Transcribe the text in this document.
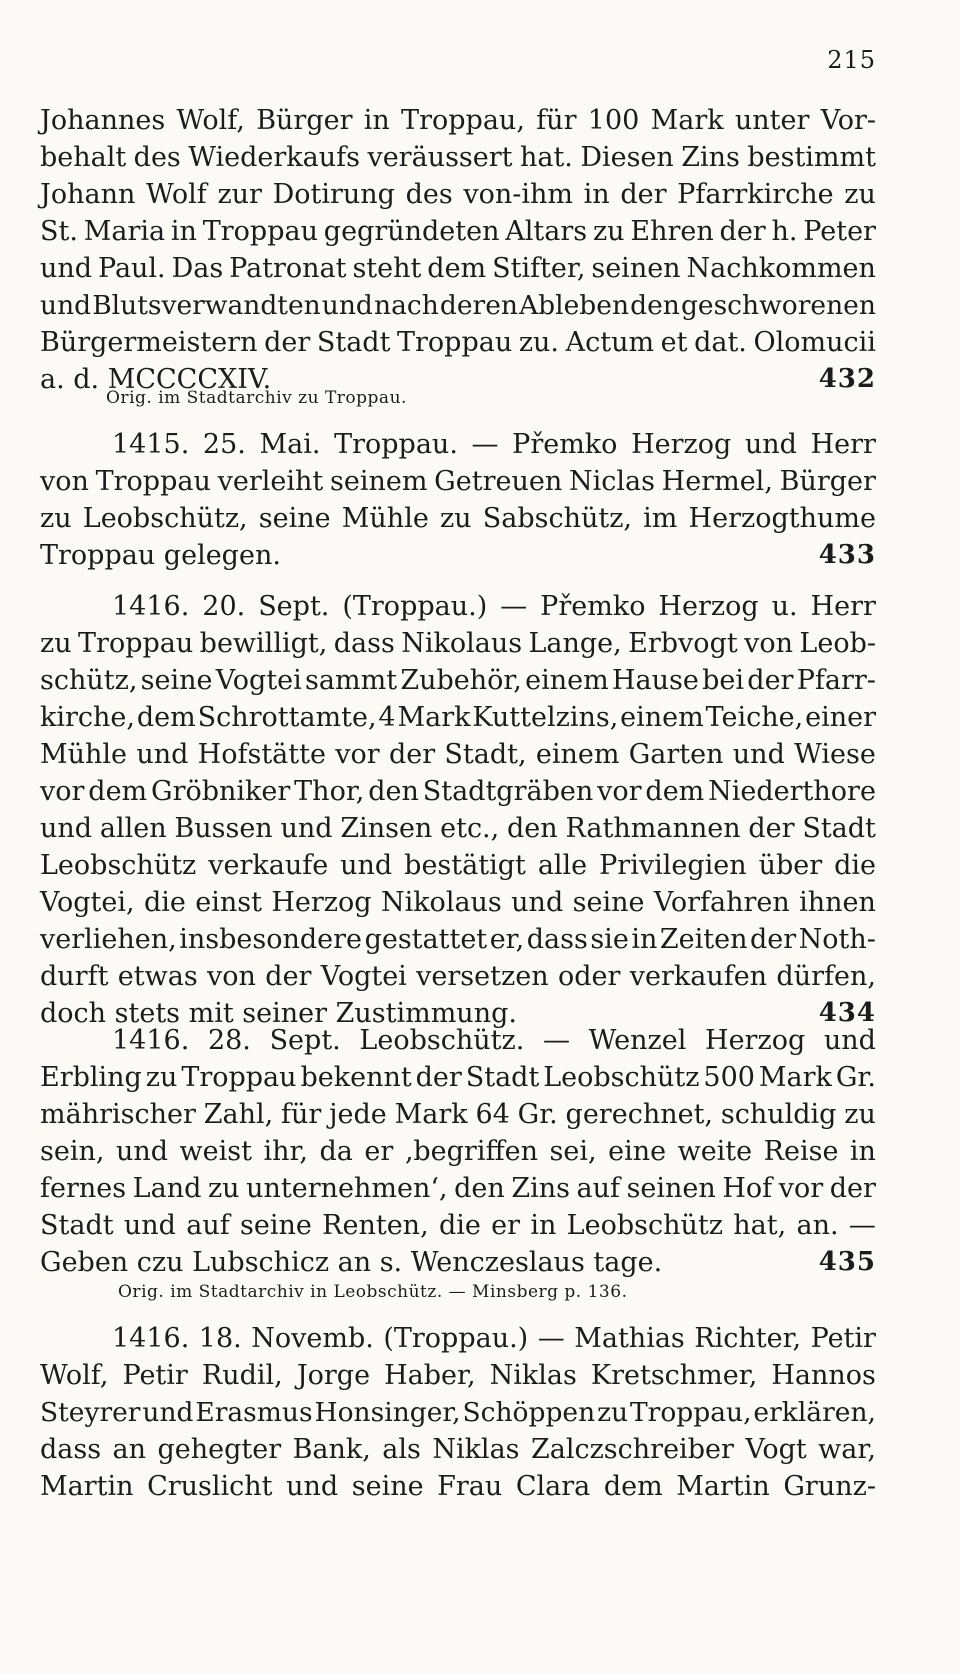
215
Johannes Wolf, Bürger in Troppau, für 100 Mark unter Vor-
behalt des Wiederkaufs veräussert hat. Diesen Zins bestimmt
Johann Wolf zur Dotirung des von-ihm in der Pfarrkirche zu
St. Maria in Troppau gegründeten Altars zu Ehren der h. Peter
und Paul. Das Patronat steht dem Stifter, seinen Nachkommen
und Blutsverwandten und nach deren Ableben den geschworenen
Bürgermeistern der Stadt Troppau zu. Actum et dat. Olomucii
a. d. MCCCCXIV.	432
Orig. im Stadtarchiv zu Troppau.
1415. 25. Mai. Troppau. — Přemko Herzog und Herr
von Troppau verleiht seinem Getreuen Niclas Hermel, Bürger
zu Leobschütz, seine Mühle zu Sabschütz, im Herzogthume
Troppau gelegen.	433
1416. 20. Sept. (Troppau.) — Přemko Herzog u. Herr
zu Troppau bewilligt, dass Nikolaus Lange, Erbvogt von Leob-
schütz, seine Vogtei sammt Zubehör, einem Hause bei der Pfarr-
kirche, dem Schrottamte, 4 Mark Kuttelzins, einem Teiche, einer
Mühle und Hofstätte vor der Stadt, einem Garten und Wiese
vor dem Gröbniker Thor, den Stadtgräben vor dem Niederthore
und allen Bussen und Zinsen etc., den Rathmannen der Stadt
Leobschütz verkaufe und bestätigt alle Privilegien über die
Vogtei, die einst Herzog Nikolaus und seine Vorfahren ihnen
verliehen, insbesondere gestattet er, dass sie in Zeiten der Noth-
durft etwas von der Vogtei versetzen oder verkaufen dürfen,
doch stets mit seiner Zustimmung.	434
1416. 28. Sept. Leobschütz. — Wenzel Herzog und
Erbling zu Troppau bekennt der Stadt Leobschütz 500 Mark Gr.
mährischer Zahl, für jede Mark 64 Gr. gerechnet, schuldig zu
sein, und weist ihr, da er ‚begriffen sei, eine weite Reise in
fernes Land zu unternehmen‘, den Zins auf seinen Hof vor der
Stadt und auf seine Renten, die er in Leobschütz hat, an. —
Geben czu Lubschicz an s. Wenczeslaus tage.	435
Orig. im Stadtarchiv in Leobschütz. — Minsberg p. 136.
1416. 18. Novemb. (Troppau.) — Mathias Richter, Petir
Wolf, Petir Rudil, Jorge Haber, Niklas Kretschmer, Hannos
Steyrer und Erasmus Honsinger, Schöppen zu Troppau, erklären,
dass an gehegter Bank, als Niklas Zalczschreiber Vogt war,
Martin Cruslicht und seine Frau Clara dem Martin Grunz-
